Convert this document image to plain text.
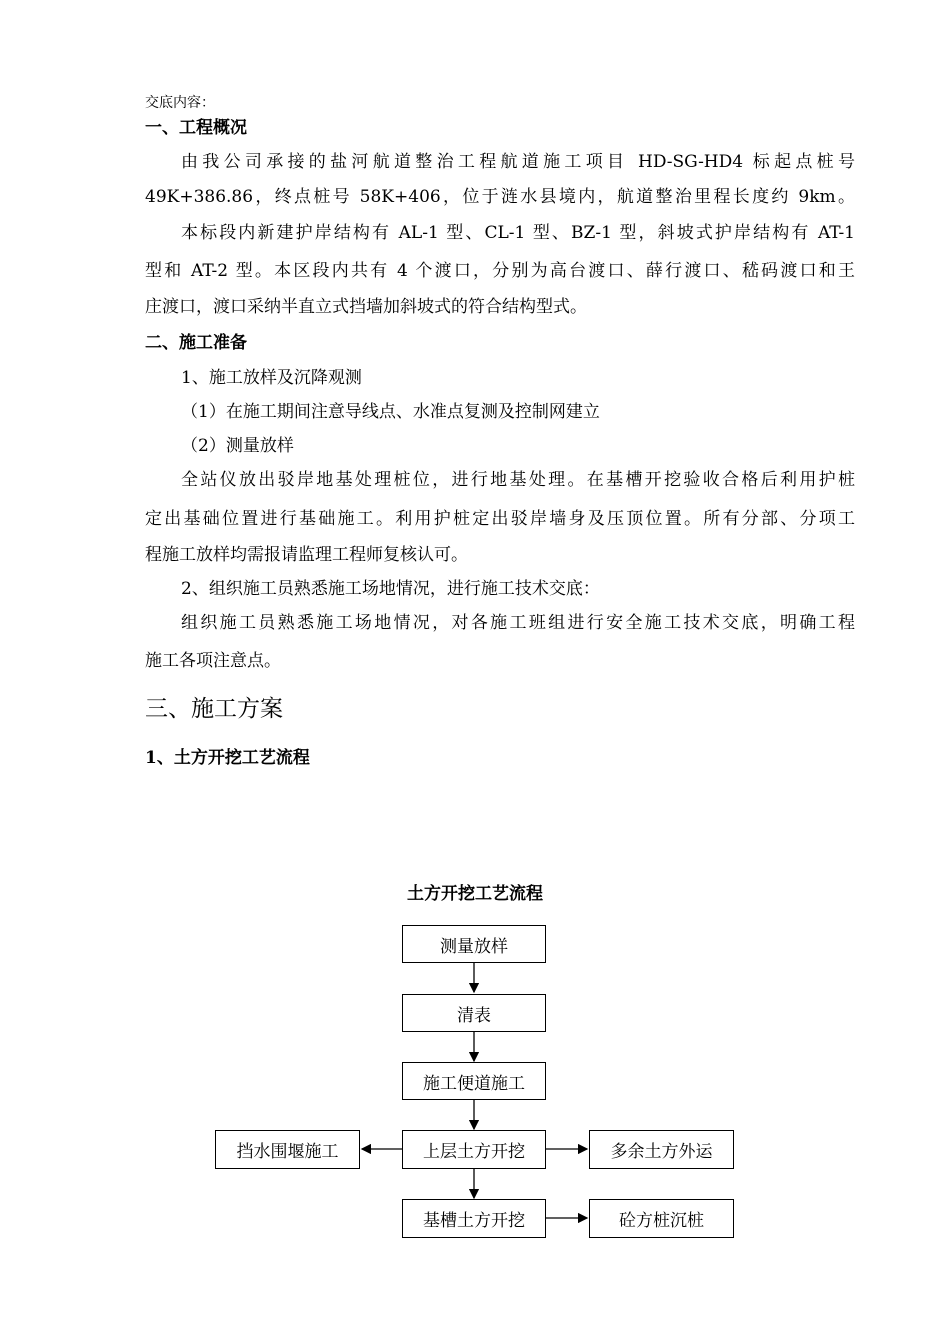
交底内容：
一、工程概况
由我公司承接的盐河航道整治工程航道施工项目 HD-SG-HD4 标起点桩号
49K+386.86，终点桩号 58K+406，位于涟水县境内，航道整治里程长度约 9km。
本标段内新建护岸结构有 AL-1 型、CL-1 型、BZ-1 型，斜坡式护岸结构有 AT-1
型和 AT-2 型。本区段内共有 4 个渡口，分别为高台渡口、薛行渡口、嵇码渡口和王
庄渡口，渡口采纳半直立式挡墙加斜坡式的符合结构型式。
二、施工准备
1、施工放样及沉降观测
（1）在施工期间注意导线点、水准点复测及控制网建立
（2）测量放样
全站仪放出驳岸地基处理桩位，进行地基处理。在基槽开挖验收合格后利用护桩
定出基础位置进行基础施工。利用护桩定出驳岸墙身及压顶位置。所有分部、分项工
程施工放样均需报请监理工程师复核认可。
2、组织施工员熟悉施工场地情况，进行施工技术交底：
组织施工员熟悉施工场地情况，对各施工班组进行安全施工技术交底，明确工程
施工各项注意点。
三、施工方案
1、土方开挖工艺流程
土方开挖工艺流程
测量放样
清表
施工便道施工
上层土方开挖
挡水围堰施工	多余土方外运
基槽土方开挖	砼方桩沉桩
